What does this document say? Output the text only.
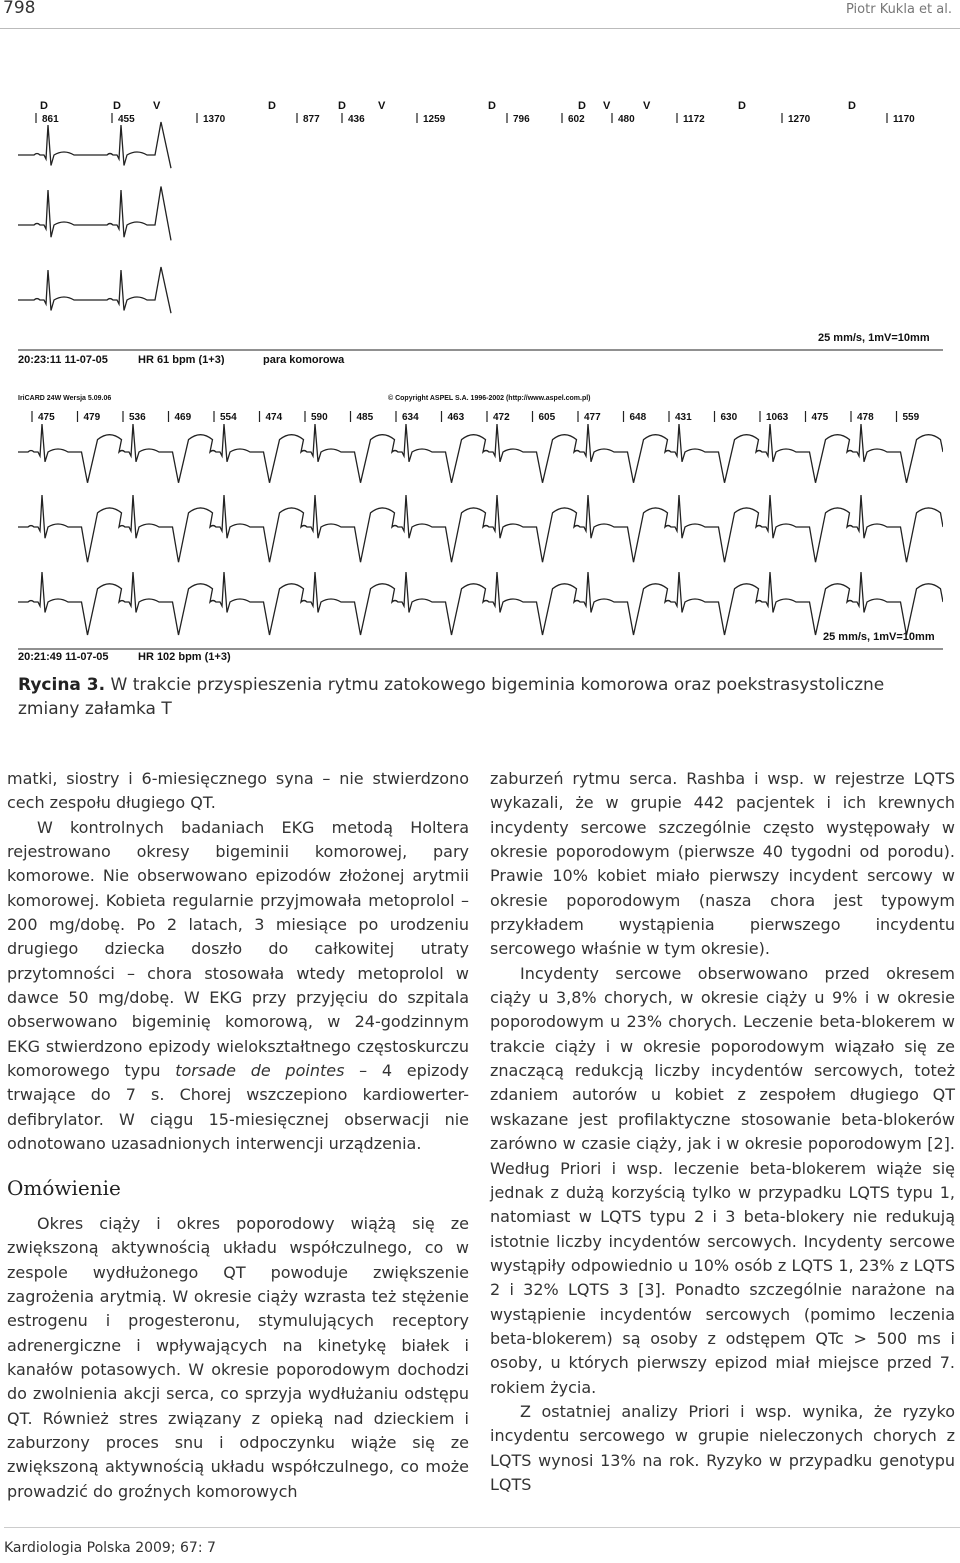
798	Piotr Kukla et al.
D	D	V	D	D	V	D	D V	V	D	D
861	455	1370	877	436	1259	796	602	480	1172	1270	1170
25 mm/s, 1mV=10mm
20:23:11 11-07-05	HR 61 bpm (1+3)	para komorowa
IriCARD 24W Wersja 5.09.06	© Copyright ASPEL S.A. 1996-2002 (http://www.aspel.com.pl)
475	479	536	469	554	474	590	485	634	463	472	605	477	648	431	630	1063 475	478	559
25 mm/s, 1mV=10mm
20:21:49 11-07-05	HR 102 bpm (1+3)
Rycina 3. W trakcie przyspieszenia rytmu zatokowego bigeminia komorowa oraz poekstrasystoliczne zmiany załamka T

matki, siostry i 6-miesięcznego syna – nie stwierdzono cech zespołu długiego QT.

W kontrolnych badaniach EKG metodą Holtera rejestrowano okresy bigeminii komorowej, pary komorowe. Nie obserwowano epizodów złożonej arytmii komorowej. Kobieta regularnie przyjmowała metoprolol – 200 mg/dobę. Po 2 latach, 3 miesiące po urodzeniu drugiego dziecka doszło do całkowitej utraty przytomności – chora stosowała wtedy metoprolol w dawce 50 mg/dobę. W EKG przy przyjęciu do szpitala obserwowano bigeminię komorową, w 24-godzinnym EKG stwierdzono epizody wielokształtnego częstoskurczu komorowego typu torsade de pointes – 4 epizody trwające do 7 s. Chorej wszczepiono kardiowerter-defibrylator. W ciągu 15-miesięcznej obserwacji nie odnotowano uzasadnionych interwencji urządzenia.

Omówienie

Okres ciąży i okres poporodowy wiążą się ze zwiększoną aktywnością układu współczulnego, co w zespole wydłużonego QT powoduje zwiększenie zagrożenia arytmią. W okresie ciąży wzrasta też stężenie estrogenu i progesteronu, stymulujących receptory adrenergiczne i wpływających na kinetykę białek i kanałów potasowych. W okresie poporodowym dochodzi do zwolnienia akcji serca, co sprzyja wydłużaniu odstępu QT. Również stres związany z opieką nad dzieckiem i zaburzony proces snu i odpoczynku wiąże się ze zwiększoną aktywnością układu współczulnego, co może prowadzić do groźnych komorowych

zaburzeń rytmu serca. Rashba i wsp. w rejestrze LQTS wykazali, że w grupie 442 pacjentek i ich krewnych incydenty sercowe szczególnie często występowały w okresie poporodowym (pierwsze 40 tygodni od porodu). Prawie 10% kobiet miało pierwszy incydent sercowy w okresie poporodowym (nasza chora jest typowym przykładem wystąpienia pierwszego incydentu sercowego właśnie w tym okresie).

Incydenty sercowe obserwowano przed okresem ciąży u 3,8% chorych, w okresie ciąży u 9% i w okresie poporodowym u 23% chorych. Leczenie beta-blokerem w trakcie ciąży i w okresie poporodowym wiązało się ze znaczącą redukcją liczby incydentów sercowych, toteż zdaniem autorów u kobiet z zespołem długiego QT wskazane jest profilaktyczne stosowanie beta-blokerów zarówno w czasie ciąży, jak i w okresie poporodowym [2]. Według Priori i wsp. leczenie beta-blokerem wiąże się jednak z dużą korzyścią tylko w przypadku LQTS typu 1, natomiast w LQTS typu 2 i 3 beta-blokery nie redukują istotnie liczby incydentów sercowych. Incydenty sercowe wystąpiły odpowiednio u 10% osób z LQTS 1, 23% z LQTS 2 i 32% LQTS 3 [3]. Ponadto szczególnie narażone na wystąpienie incydentów sercowych (pomimo leczenia beta-blokerem) są osoby z odstępem QTc > 500 ms i osoby, u których pierwszy epizod miał miejsce przed 7. rokiem życia.

Z ostatniej analizy Priori i wsp. wynika, że ryzyko incydentu sercowego w grupie nieleczonych chorych z LQTS wynosi 13% na rok. Ryzyko w przypadku genotypu LQTS

Kardiologia Polska 2009; 67: 7
